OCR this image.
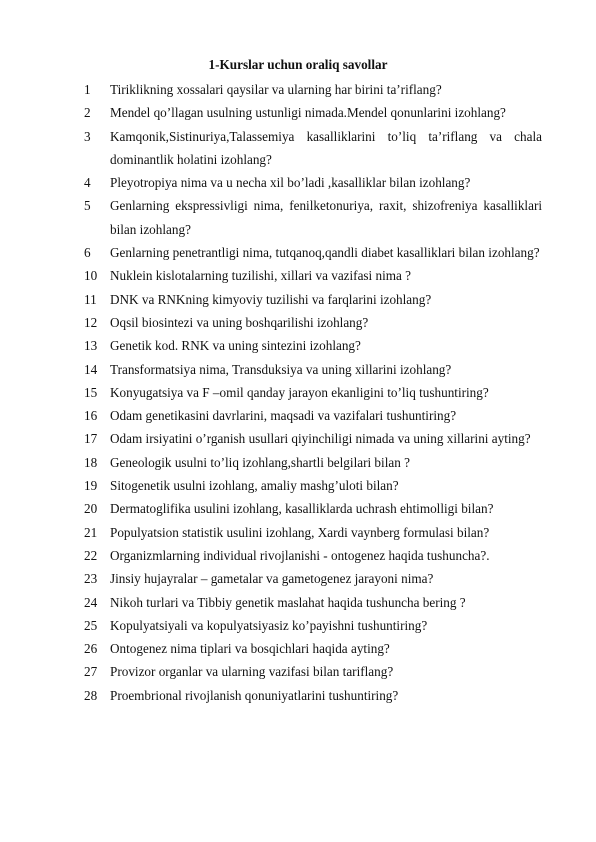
1-Kurslar uchun oraliq savollar
1	Tiriklikning xossalari qaysilar va ularning har birini ta’riflang?
2	Mendel qo’llagan usulning ustunligi nimada.Mendel qonunlarini izohlang?
3	Kamqonik,Sistinuriya,Talassemiya kasalliklarini to’liq ta’riflang va chala dominantlik holatini izohlang?
4	Pleyotropiya nima va u necha xil bo’ladi ,kasalliklar bilan izohlang?
5	Genlarning ekspressivligi nima, fenilketonuriya, raxit, shizofreniya kasalliklari bilan izohlang?
6	Genlarning penetrantligi nima, tutqanoq,qandli diabet kasalliklari bilan izohlang?
10 Nuklein kislotalarning tuzilishi, xillari va vazifasi nima ?
11	DNK va RNKning kimyoviy tuzilishi va farqlarini izohlang?
12 Oqsil biosintezi va uning boshqarilishi izohlang?
13 Genetik kod. RNK va uning sintezini izohlang?
14 Transformatsiya nima, Transduksiya va uning xillarini izohlang?
15 Konyugatsiya va F –omil qanday jarayon ekanligini to’liq tushuntiring?
16 Odam genetikasini davrlarini, maqsadi va vazifalari tushuntiring?
17 Odam irsiyatini o’rganish usullari qiyinchiligi nimada va uning xillarini ayting?
18 Geneologik usulni to’liq izohlang,shartli belgilari bilan ?
19 Sitogenetik usulni izohlang, amaliy mashg’uloti bilan?
20 Dermatoglifika usulini izohlang, kasalliklarda uchrash ehtimolligi bilan?
21 Populyatsion statistik usulini izohlang, Xardi vaynberg formulasi bilan?
22 Organizmlarning individual rivojlanishi - ontogenez haqida tushuncha?.
23 Jinsiy hujayralar – gametalar va gametogenez jarayoni nima?
24 Nikoh turlari va Tibbiy genetik maslahat haqida tushuncha bering ?
25 Kopulyatsiyali va kopulyatsiyasiz ko’payishni tushuntiring?
26 Ontogenez nima tiplari va bosqichlari haqida ayting?
27 Provizor organlar va ularning vazifasi bilan tariflang?
28 Proembrional rivojlanish qonuniyatlarini tushuntiring?
